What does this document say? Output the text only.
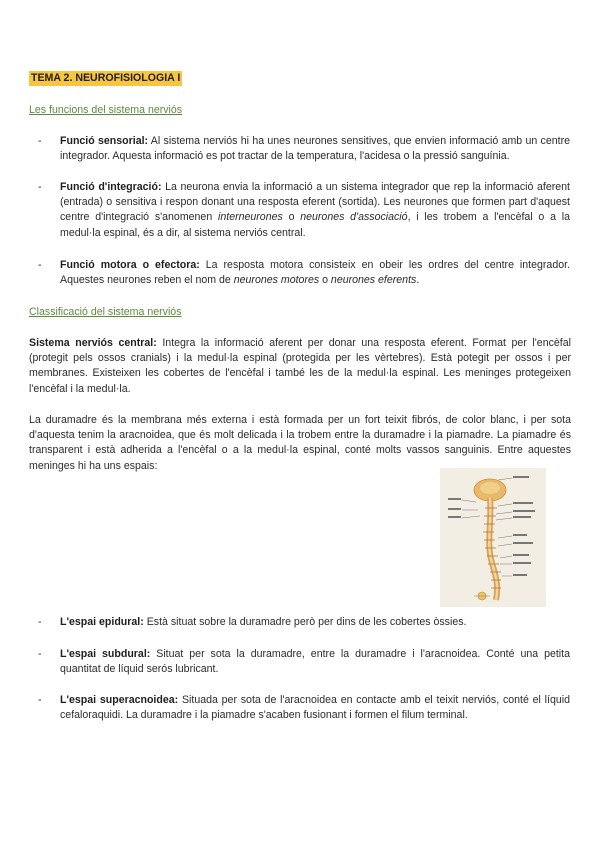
TEMA 2. NEUROFISIOLOGIA I
Les funcions del sistema nerviós
- Funció sensorial: Al sistema nerviós hi ha unes neurones sensitives, que envien informació amb un centre integrador. Aquesta informació es pot tractar de la temperatura, l'acidesa o la pressió sanguínia.
- Funció d'integració: La neurona envia la informació a un sistema integrador que rep la informació aferent (entrada) o sensitiva i respon donant una resposta eferent (sortida). Les neurones que formen part d'aquest centre d'integració s'anomenen interneurones o neurones d'associació, i les trobem a l'encèfal o a la medul·la espinal, és a dir, al sistema nerviós central.
- Funció motora o efectora: La resposta motora consisteix en obeir les ordres del centre integrador. Aquestes neurones reben el nom de neurones motores o neurones eferents.
Classificació del sistema nerviós
Sistema nerviós central: Integra la informació aferent per donar una resposta eferent. Format per l'encèfal (protegit pels ossos cranials) i la medul·la espinal (protegida per les vèrtebres). Està potegit per ossos i per membranes. Existeixen les cobertes de l'encèfal i també les de la medul·la espinal. Les meninges protegeixen l'encèfal i la medul·la.
La duramadre és la membrana més externa i està formada per un fort teixit fibrós, de color blanc, i per sota d'aquesta tenim la aracnoidea, que és molt delicada i la trobem entre la duramadre i la piamadre. La piamadre és transparent i està adherida a l'encèfal o a la medul·la espinal, conté molts vassos sanguinis. Entre aquestes meninges hi ha uns espais:
- L'espai epidural: Està situat sobre la duramadre però per dins de les cobertes òssies.
- L'espai subdural: Situat per sota la duramadre, entre la duramadre i l'aracnoidea. Conté una petita quantitat de líquid serós lubricant.
- L'espai superacnoidea: Situada per sota de l'aracnoidea en contacte amb el teixit nerviós, conté el líquid cefaloraquidi. La duramadre i la piamadre s'acaben fusionant i formen el filum terminal.
